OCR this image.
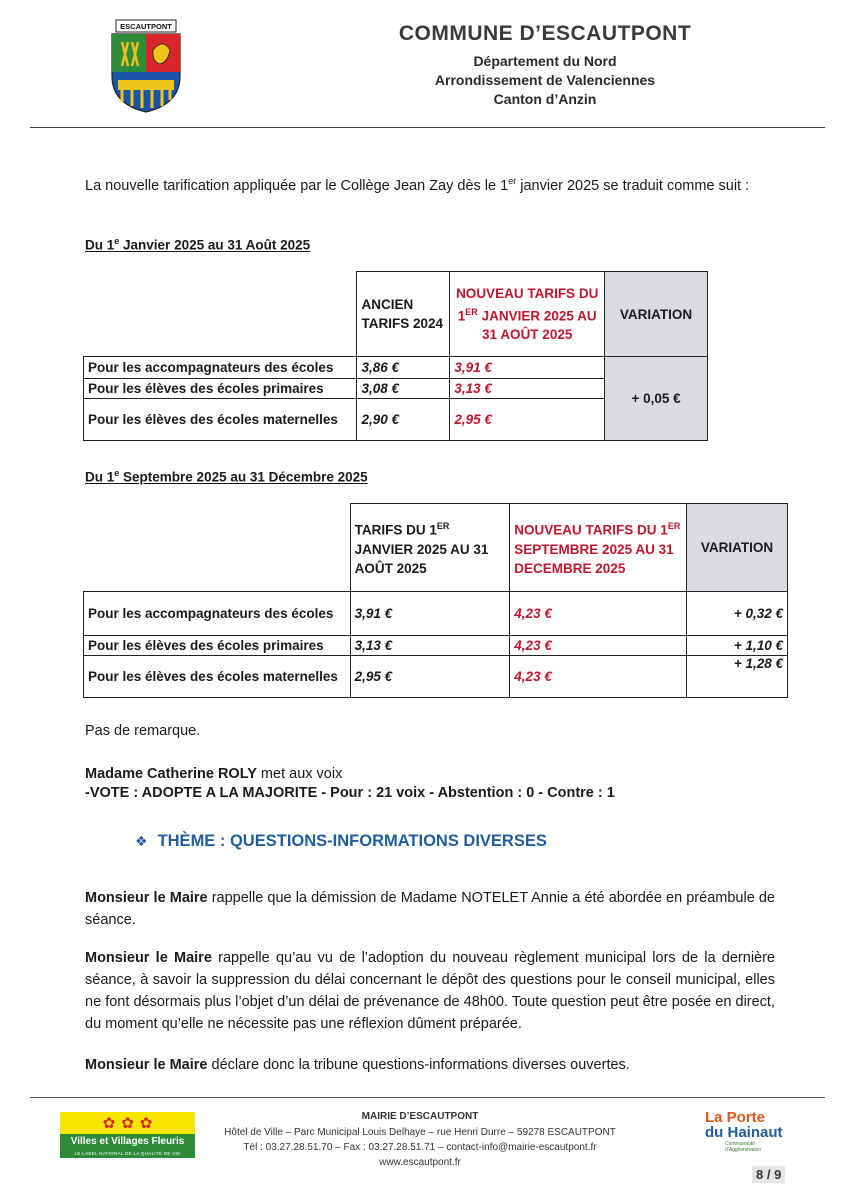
ESCAUTPONT	COMMUNE D’ESCAUTPONT
Département du Nord
Arrondissement de Valenciennes
Canton d’Anzin
La nouvelle tarification appliquée par le Collège Jean Zay dès le 1er janvier 2025 se traduit comme suit :
Du 1e Janvier 2025 au 31 Août 2025
	ANCIEN TARIFS 2024	NOUVEAU TARIFS DU 1ER JANVIER 2025 AU 31 AOÛT 2025	VARIATION
Pour les accompagnateurs des écoles	3,86 €	3,91 €	+ 0,05 €
Pour les élèves des écoles primaires	3,08 €	3,13 €	
Pour les élèves des écoles maternelles	2,90 €	2,95 €	
Du 1e Septembre 2025 au 31 Décembre 2025
	TARIFS DU 1ER JANVIER 2025 AU 31 AOÛT 2025	NOUVEAU TARIFS DU 1ER SEPTEMBRE 2025 AU 31 DECEMBRE 2025	VARIATION
Pour les accompagnateurs des écoles	3,91 €	4,23 €	+ 0,32 €
Pour les élèves des écoles primaires	3,13 €	4,23 €	+ 1,10 €
Pour les élèves des écoles maternelles	2,95 €	4,23 €	+ 1,28 €
Pas de remarque.
Madame Catherine ROLY met aux voix
-VOTE : ADOPTE A LA MAJORITE - Pour : 21 voix - Abstention : 0 - Contre : 1
❖ THÈME : QUESTIONS-INFORMATIONS DIVERSES
Monsieur le Maire rappelle que la démission de Madame NOTELET Annie a été abordée en préambule de séance.
Monsieur le Maire rappelle qu’au vu de l’adoption du nouveau règlement municipal lors de la dernière séance, à savoir la suppression du délai concernant le dépôt des questions pour le conseil municipal, elles ne font désormais plus l’objet d’un délai de prévenance de 48h00. Toute question peut être posée en direct, du moment qu’elle ne nécessite pas une réflexion dûment préparée.
Monsieur le Maire déclare donc la tribune questions-informations diverses ouvertes.
✿ ✿ ✿
Villes et Villages Fleuris
LE LABEL NATIONAL DE LA QUALITÉ DE VIE
MAIRIE D’ESCAUTPONT
Hôtel de Ville – Parc Municipal Louis Delhaye – rue Henri Durre – 59278 ESCAUTPONT
Tél : 03.27.28.51.70 – Fax : 03.27.28.51.71 – contact-info@mairie-escautpont.fr
www.escautpont.fr
La Porte
du Hainaut
Communauté d’Agglomération
8 / 9
